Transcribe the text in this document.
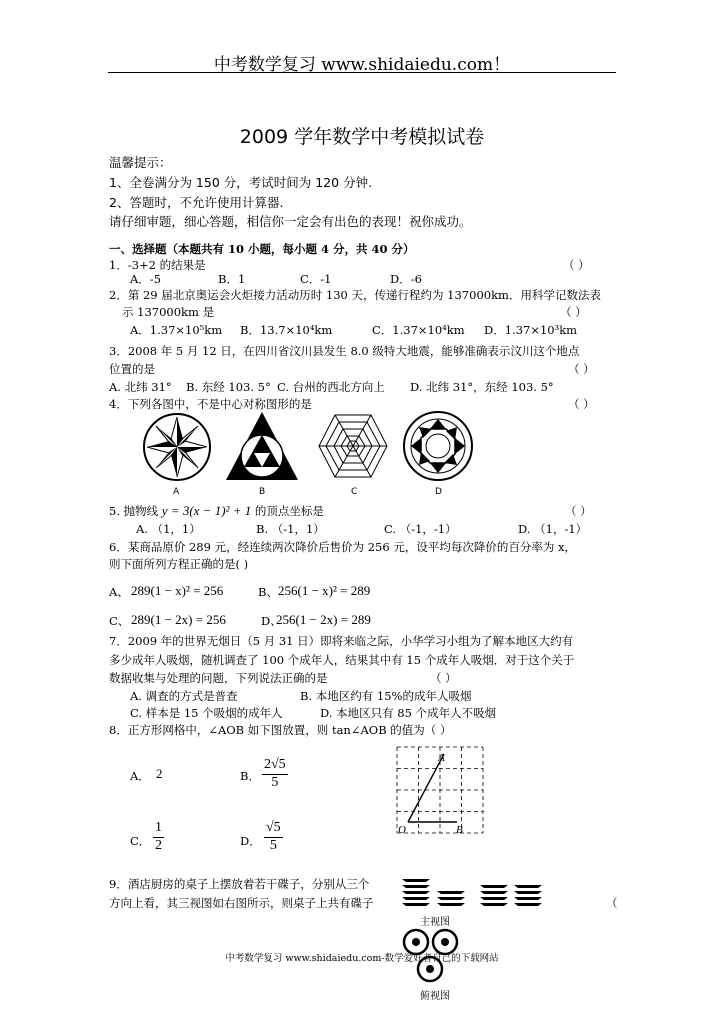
中考数学复习 www.shidaiedu.com！
2009 学年数学中考模拟试卷
温馨提示：
1、全卷满分为 150 分，考试时间为 120 分钟.
2、答题时，不允许使用计算器.
请仔细审题，细心答题，相信你一定会有出色的表现！祝你成功。
一、选择题（本题共有 10 小题，每小题 4 分，共 40 分）
1．-3+2 的结果是	（ ）
A．-5	B．1	C．-1	D．-6
2．第 29 届北京奥运会火炬接力活动历时 130 天，传递行程约为 137000km．用科学记数法表
示 137000km 是	（ ）
A．1.37×10⁵km B．13.7×10⁴km	C．1.37×10⁴km D．1.37×10³km
3．2008 年 5 月 12 日，在四川省汶川县发生 8.0 级特大地震，能够准确表示汶川这个地点
位置的是	（ ）
A. 北纬 31° B. 东经 103. 5° C. 台州的西北方向上 D. 北纬 31°，东经 103. 5°
4．下列各图中，不是中心对称图形的是	（ ）
A	B	C	D
5. 抛物线 y = 3(x − 1)² + 1 的顶点坐标是	（ ）
A. （1，1）	B. （-1，1）	C. （-1，-1）	D. （1，-1）
6．某商品原价 289 元，经连续两次降价后售价为 256 元，设平均每次降价的百分率为 x，
则下面所列方程正确的是( )
A、 289(1 − x)² = 256	B、 256(1 − x)² = 289
C、 289(1 − 2x) = 256	D、
256(1 − 2x) = 289
7．2009 年的世界无烟日（5 月 31 日）即将来临之际，小华学习小组为了解本地区大约有
多少成年人吸烟，随机调查了 100 个成年人，结果其中有 15 个成年人吸烟．对于这个关于
数据收集与处理的问题，下列说法正确的是	（ ）
A. 调查的方式是普查	B. 本地区约有 15%的成年人吸烟
C. 样本是 15 个吸烟的成年人	D. 本地区只有 85 个成年人不吸烟
8．正方形网格中，∠AOB 如下图放置，则 tan∠AOB 的值为（ ）
A． 2	B． $\frac{2√5}{5}$
C． $\frac{1}{2}$	D． $\frac{√5}{5}$
A
O	B
9．酒店厨房的桌子上摆放着若干碟子，分别从三个
方向上看，其三视图如右图所示，则桌子上共有碟子	（
主视图
俯视图
中考数学复习 www.shidaiedu.com-数学爱好者自己的下载网站
